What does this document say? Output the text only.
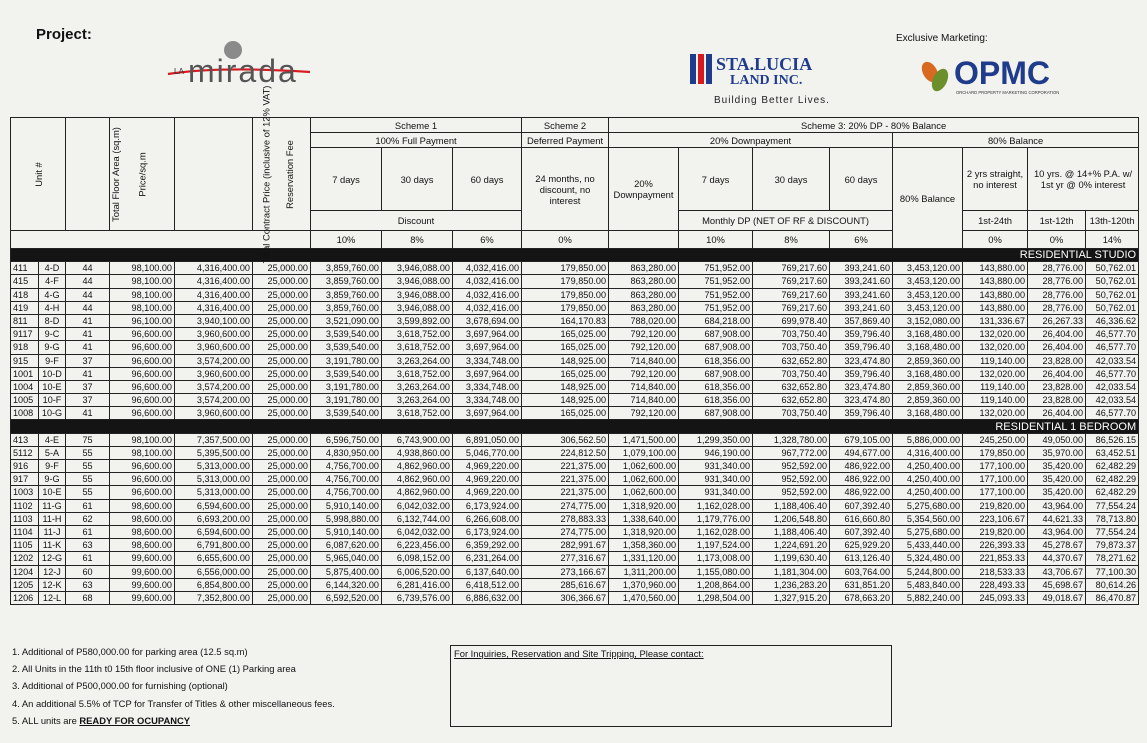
Project:
LA mirada
Exclusive Marketing:
STA.LUCIA
LAND INC.
Building Better Lives.
OPMC
ORCHARD PROPERTY MARKETING CORPORATION
Unit #		Total Floor Area (sq.m)	Price/sq.m	Total Contract Price (inclusive of 12% VAT)	Reservation Fee	Scheme 1			Scheme 2	Scheme 3: 20% DP - 80% Balance							
						100% Full Payment			Deferred Payment	20% Downpayment				80% Balance			
						7 days	30 days	60 days	24 months, no discount, no interest	20% Downpayment	7 days	30 days	60 days	80% Balance	2 yrs straight, no interest	10 yrs. @ 14+% P.A. w/ 1st yr @ 0% interest	
						Discount					Monthly DP (NET OF RF & DISCOUNT)				1st-24th	1st-12th	13th-120th
						10%	8%	6%	0%		10%	8%	6%		0%	0%	14%
RESIDENTIAL STUDIO																	
411	4-D	44	98,100.00	4,316,400.00	25,000.00	3,859,760.00	3,946,088.00	4,032,416.00	179,850.00	863,280.00	751,952.00	769,217.60	393,241.60	3,453,120.00	143,880.00	28,776.00	50,762.01
415	4-F	44	98,100.00	4,316,400.00	25,000.00	3,859,760.00	3,946,088.00	4,032,416.00	179,850.00	863,280.00	751,952.00	769,217.60	393,241.60	3,453,120.00	143,880.00	28,776.00	50,762.01
418	4-G	44	98,100.00	4,316,400.00	25,000.00	3,859,760.00	3,946,088.00	4,032,416.00	179,850.00	863,280.00	751,952.00	769,217.60	393,241.60	3,453,120.00	143,880.00	28,776.00	50,762.01
419	4-H	44	98,100.00	4,316,400.00	25,000.00	3,859,760.00	3,946,088.00	4,032,416.00	179,850.00	863,280.00	751,952.00	769,217.60	393,241.60	3,453,120.00	143,880.00	28,776.00	50,762.01
811	8-D	41	96,100.00	3,940,100.00	25,000.00	3,521,090.00	3,599,892.00	3,678,694.00	164,170.83	788,020.00	684,218.00	699,978.40	357,869.40	3,152,080.00	131,336.67	26,267.33	46,336.62
9117	9-C	41	96,600.00	3,960,600.00	25,000.00	3,539,540.00	3,618,752.00	3,697,964.00	165,025.00	792,120.00	687,908.00	703,750.40	359,796.40	3,168,480.00	132,020.00	26,404.00	46,577.70
918	9-G	41	96,600.00	3,960,600.00	25,000.00	3,539,540.00	3,618,752.00	3,697,964.00	165,025.00	792,120.00	687,908.00	703,750.40	359,796.40	3,168,480.00	132,020.00	26,404.00	46,577.70
915	9-F	37	96,600.00	3,574,200.00	25,000.00	3,191,780.00	3,263,264.00	3,334,748.00	148,925.00	714,840.00	618,356.00	632,652.80	323,474.80	2,859,360.00	119,140.00	23,828.00	42,033.54
1001	10-D	41	96,600.00	3,960,600.00	25,000.00	3,539,540.00	3,618,752.00	3,697,964.00	165,025.00	792,120.00	687,908.00	703,750.40	359,796.40	3,168,480.00	132,020.00	26,404.00	46,577.70
1004	10-E	37	96,600.00	3,574,200.00	25,000.00	3,191,780.00	3,263,264.00	3,334,748.00	148,925.00	714,840.00	618,356.00	632,652.80	323,474.80	2,859,360.00	119,140.00	23,828.00	42,033.54
1005	10-F	37	96,600.00	3,574,200.00	25,000.00	3,191,780.00	3,263,264.00	3,334,748.00	148,925.00	714,840.00	618,356.00	632,652.80	323,474.80	2,859,360.00	119,140.00	23,828.00	42,033.54
1008	10-G	41	96,600.00	3,960,600.00	25,000.00	3,539,540.00	3,618,752.00	3,697,964.00	165,025.00	792,120.00	687,908.00	703,750.40	359,796.40	3,168,480.00	132,020.00	26,404.00	46,577.70
RESIDENTIAL 1 BEDROOM																	
413	4-E	75	98,100.00	7,357,500.00	25,000.00	6,596,750.00	6,743,900.00	6,891,050.00	306,562.50	1,471,500.00	1,299,350.00	1,328,780.00	679,105.00	5,886,000.00	245,250.00	49,050.00	86,526.15
5112	5-A	55	98,100.00	5,395,500.00	25,000.00	4,830,950.00	4,938,860.00	5,046,770.00	224,812.50	1,079,100.00	946,190.00	967,772.00	494,677.00	4,316,400.00	179,850.00	35,970.00	63,452.51
916	9-F	55	96,600.00	5,313,000.00	25,000.00	4,756,700.00	4,862,960.00	4,969,220.00	221,375.00	1,062,600.00	931,340.00	952,592.00	486,922.00	4,250,400.00	177,100.00	35,420.00	62,482.29
917	9-G	55	96,600.00	5,313,000.00	25,000.00	4,756,700.00	4,862,960.00	4,969,220.00	221,375.00	1,062,600.00	931,340.00	952,592.00	486,922.00	4,250,400.00	177,100.00	35,420.00	62,482.29
1003	10-E	55	96,600.00	5,313,000.00	25,000.00	4,756,700.00	4,862,960.00	4,969,220.00	221,375.00	1,062,600.00	931,340.00	952,592.00	486,922.00	4,250,400.00	177,100.00	35,420.00	62,482.29
1102	11-G	61	98,600.00	6,594,600.00	25,000.00	5,910,140.00	6,042,032.00	6,173,924.00	274,775.00	1,318,920.00	1,162,028.00	1,188,406.40	607,392.40	5,275,680.00	219,820.00	43,964.00	77,554.24
1103	11-H	62	98,600.00	6,693,200.00	25,000.00	5,998,880.00	6,132,744.00	6,266,608.00	278,883.33	1,338,640.00	1,179,776.00	1,206,548.80	616,660.80	5,354,560.00	223,106.67	44,621.33	78,713.80
1104	11-J	61	98,600.00	6,594,600.00	25,000.00	5,910,140.00	6,042,032.00	6,173,924.00	274,775.00	1,318,920.00	1,162,028.00	1,188,406.40	607,392.40	5,275,680.00	219,820.00	43,964.00	77,554.24
1105	11-K	63	98,600.00	6,791,800.00	25,000.00	6,087,620.00	6,223,456.00	6,359,292.00	282,991.67	1,358,360.00	1,197,524.00	1,224,691.20	625,929.20	5,433,440.00	226,393.33	45,278.67	79,873.37
1202	12-G	61	99,600.00	6,655,600.00	25,000.00	5,965,040.00	6,098,152.00	6,231,264.00	277,316.67	1,331,120.00	1,173,008.00	1,199,630.40	613,126.40	5,324,480.00	221,853.33	44,370.67	78,271.62
1204	12-J	60	99,600.00	6,556,000.00	25,000.00	5,875,400.00	6,006,520.00	6,137,640.00	273,166.67	1,311,200.00	1,155,080.00	1,181,304.00	603,764.00	5,244,800.00	218,533.33	43,706.67	77,100.30
1205	12-K	63	99,600.00	6,854,800.00	25,000.00	6,144,320.00	6,281,416.00	6,418,512.00	285,616.67	1,370,960.00	1,208,864.00	1,236,283.20	631,851.20	5,483,840.00	228,493.33	45,698.67	80,614.26
1206	12-L	68	99,600.00	7,352,800.00	25,000.00	6,592,520.00	6,739,576.00	6,886,632.00	306,366.67	1,470,560.00	1,298,504.00	1,327,915.20	678,663.20	5,882,240.00	245,093.33	49,018.67	86,470.87
1. Additional of P580,000.00 for parking area (12.5 sq.m)
2. All Units in the 11th t0 15th floor inclusive of ONE (1) Parking area
3. Additional of P500,000.00 for furnishing (optional)
4. An additional 5.5% of TCP for Transfer of Titles & other miscellaneous fees.
5. ALL units are READY FOR OCUPANCY
For Inquiries, Reservation and Site Tripping, Please contact:
